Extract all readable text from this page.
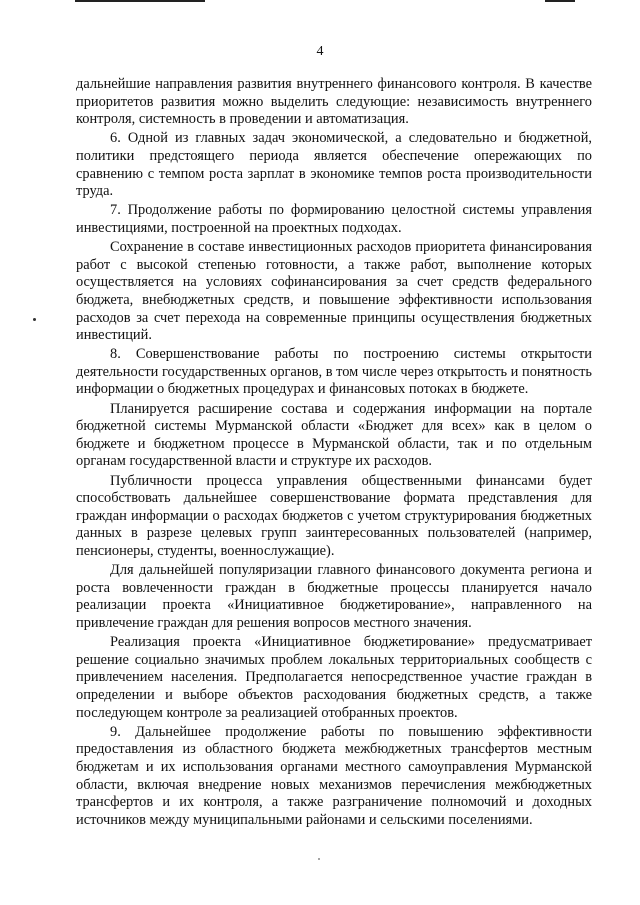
4

дальнейшие направления развития внутреннего финансового контроля. В качестве приоритетов развития можно выделить следующие: независимость внутреннего контроля, системность в проведении и автоматизация.

6. Одной из главных задач экономической, а следовательно и бюджетной, политики предстоящего периода является обеспечение опережающих по сравнению с темпом роста зарплат в экономике темпов роста производительности труда.

7. Продолжение работы по формированию целостной системы управления инвестициями, построенной на проектных подходах.

Сохранение в составе инвестиционных расходов приоритета финансирования работ с высокой степенью готовности, а также работ, выполнение которых осуществляется на условиях софинансирования за счет средств федерального бюджета, внебюджетных средств, и повышение эффективности использования расходов за счет перехода на современные принципы осуществления бюджетных инвестиций.

8. Совершенствование работы по построению системы открытости деятельности государственных органов, в том числе через открытость и понятность информации о бюджетных процедурах и финансовых потоках в бюджете.

Планируется расширение состава и содержания информации на портале бюджетной системы Мурманской области «Бюджет для всех» как в целом о бюджете и бюджетном процессе в Мурманской области, так и по отдельным органам государственной власти и структуре их расходов.

Публичности процесса управления общественными финансами будет способствовать дальнейшее совершенствование формата представления для граждан информации о расходах бюджетов с учетом структурирования бюджетных данных в разрезе целевых групп заинтересованных пользователей (например, пенсионеры, студенты, военнослужащие).

Для дальнейшей популяризации главного финансового документа региона и роста вовлеченности граждан в бюджетные процессы планируется начало реализации проекта «Инициативное бюджетирование», направленного на привлечение граждан для решения вопросов местного значения.

Реализация проекта «Инициативное бюджетирование» предусматривает решение социально значимых проблем локальных территориальных сообществ с привлечением населения. Предполагается непосредственное участие граждан в определении и выборе объектов расходования бюджетных средств, а также последующем контроле за реализацией отобранных проектов.

9. Дальнейшее продолжение работы по повышению эффективности предоставления из областного бюджета межбюджетных трансфертов местным бюджетам и их использования органами местного самоуправления Мурманской области, включая внедрение новых механизмов перечисления межбюджетных трансфертов и их контроля, а также разграничение полномочий и доходных источников между муниципальными районами и сельскими поселениями.
